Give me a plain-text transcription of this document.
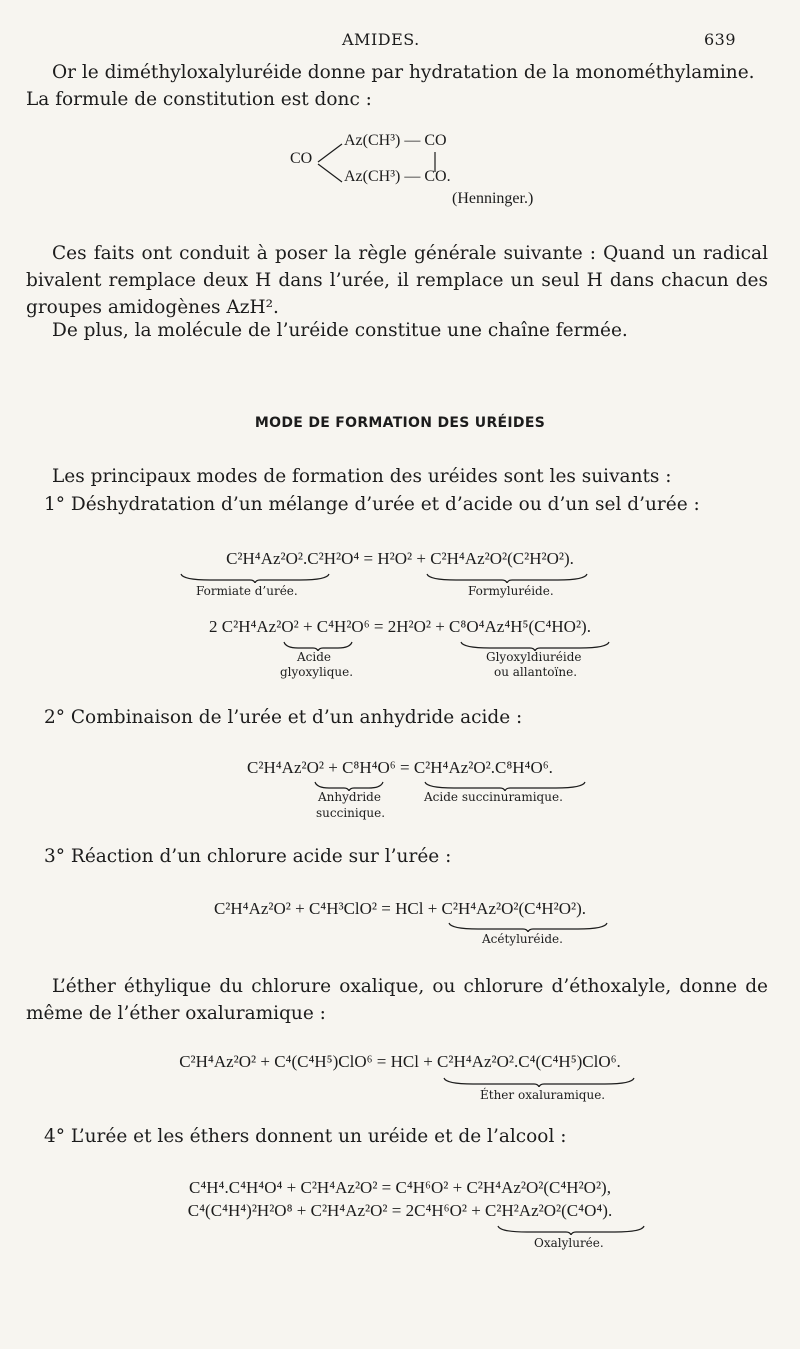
AMIDES.	639
Or le diméthyloxalyluréide donne par hydratation de la monométhylamine.
La formule de constitution est donc :
CO
Az(CH³) — CO
Az(CH³) — CO.
(Henninger.)
Ces faits ont conduit à poser la règle générale suivante : Quand un radical bivalent remplace deux H dans l’urée, il remplace un seul H dans chacun des groupes amidogènes AzH².
De plus, la molécule de l’uréide constitue une chaîne fermée.
MODE DE FORMATION DES URÉIDES
Les principaux modes de formation des uréides sont les suivants :
1° Déshydratation d’un mélange d’urée et d’acide ou d’un sel d’urée :
C²H⁴Az²O².C²H²O⁴ = H²O² + C²H⁴Az²O²(C²H²O²).
Formiate d’urée.	Formyluréide.
2 C²H⁴Az²O² + C⁴H²O⁶ = 2H²O² + C⁸O⁴Az⁴H⁵(C⁴HO²).
Acide
glyoxylique.
Glyoxyldiuréide
ou allantoïne.
2° Combinaison de l’urée et d’un anhydride acide :
C²H⁴Az²O² + C⁸H⁴O⁶ = C²H⁴Az²O².C⁸H⁴O⁶.
Anhydride
succinique.
Acide succinuramique.
3° Réaction d’un chlorure acide sur l’urée :
C²H⁴Az²O² + C⁴H³ClO² = HCl + C²H⁴Az²O²(C⁴H²O²).
Acétyluréide.
L’éther éthylique du chlorure oxalique, ou chlorure d’éthoxalyle, donne de même de l’éther oxaluramique :
C²H⁴Az²O² + C⁴(C⁴H⁵)ClO⁶ = HCl + C²H⁴Az²O².C⁴(C⁴H⁵)ClO⁶.
Éther oxaluramique.
4° L’urée et les éthers donnent un uréide et de l’alcool :
C⁴H⁴.C⁴H⁴O⁴ + C²H⁴Az²O² = C⁴H⁶O² + C²H⁴Az²O²(C⁴H²O²),
C⁴(C⁴H⁴)²H²O⁸ + C²H⁴Az²O² = 2C⁴H⁶O² + C²H²Az²O²(C⁴O⁴).
Oxalylurée.
